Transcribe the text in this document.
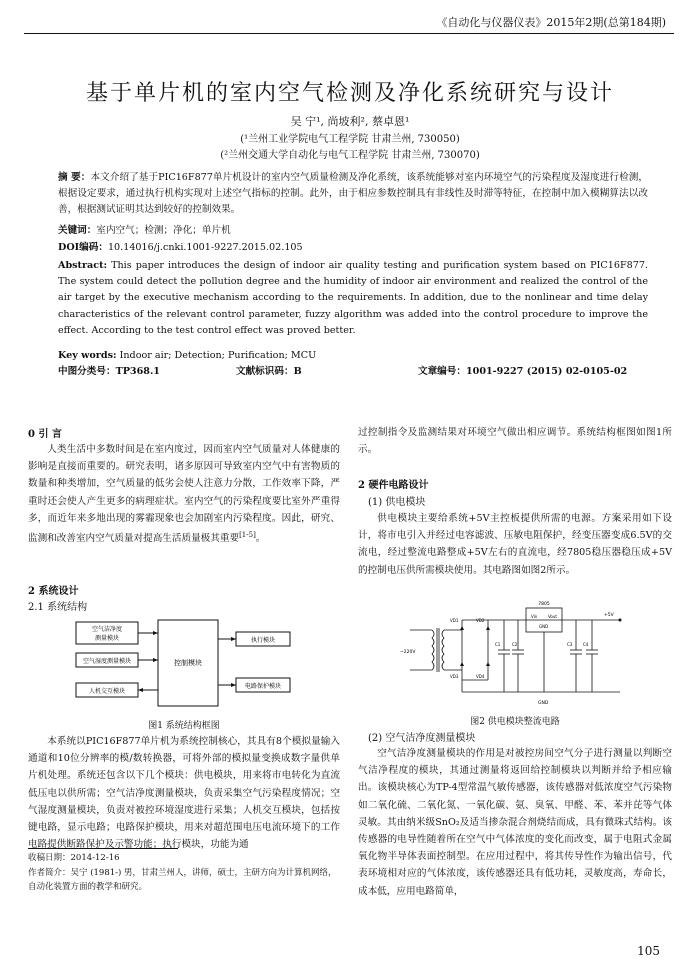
《自动化与仪器仪表》2015年2期(总第184期)
基于单片机的室内空气检测及净化系统研究与设计
吴 宁¹, 尚坡利², 蔡卓恩¹
(¹兰州工业学院电气工程学院 甘肃兰州, 730050)
(²兰州交通大学自动化与电气工程学院 甘肃兰州, 730070)
摘 要：本文介绍了基于PIC16F877单片机设计的室内空气质量检测及净化系统，该系统能够对室内环境空气的污染程度及湿度进行检测，根据设定要求，通过执行机构实现对上述空气指标的控制。此外，由于相应参数控制具有非线性及时滞等特征，在控制中加入模糊算法以改善，根据测试证明其达到较好的控制效果。
关键词：室内空气；检测；净化；单片机
DOI编码：10.14016/j.cnki.1001-9227.2015.02.105
Abstract: This paper introduces the design of indoor air quality testing and purification system based on PIC16F877. The system could detect the pollution degree and the humidity of indoor air environment and realized the control of the air target by the executive mechanism according to the requirements. In addition, due to the nonlinear and time delay characteristics of the relevant control parameter, fuzzy algorithm was added into the control procedure to improve the effect. According to the test control effect was proved better.
Key words: Indoor air; Detection; Purification; MCU
中图分类号：TP368.1	文献标识码：B	文章编号：1001-9227 (2015) 02-0105-02
0 引 言
人类生活中多数时间是在室内度过，因而室内空气质量对人体健康的影响是直接而重要的。研究表明，诸多原因可导致室内空气中有害物质的数量和种类增加，空气质量的低劣会使人注意力分散，工作效率下降，严重时还会使人产生更多的病理症状。室内空气的污染程度要比室外严重得多，而近年来多地出现的雾霾现象也会加剧室内污染程度。因此，研究、监测和改善室内空气质量对提高生活质量极其重要[1-5]。
2 系统设计
2.1 系统结构
空气洁净度
测量模块
空气湿度测量模块
人机交互模块
控制模块
执行模块
电路保护模块
图1 系统结构框图
本系统以PIC16F877单片机为系统控制核心，其具有8个模拟量输入通道和10位分辨率的模/数转换器，可将外部的模拟量变换成数字量供单片机处理。系统还包含以下几个模块：供电模块，用来将市电转化为直流低压电以供所需；空气洁净度测量模块，负责采集空气污染程度情况；空气湿度测量模块，负责对被控环境湿度进行采集；人机交互模块，包括按键电路，显示电路；电路保护模块，用来对超范围电压电流环境下的工作电路提供断路保护及示警功能；执行模块，功能为通
收稿日期：2014-12-16
作者简介：吴宁 (1981-) 男，甘肃兰州人，讲师，硕士，主研方向为计算机网络，自动化装置方面的教学和研究。
过控制指令及监测结果对环境空气做出相应调节。系统结构框图如图1所示。
2 硬件电路设计
(1) 供电模块
供电模块主要给系统+5V主控板提供所需的电源。方案采用如下设计，将市电引入并经过电容滤波、压敏电阻保护，经变压器变成6.5V的交流电，经过整流电路整成+5V左右的直流电，经7805稳压器稳压成+5V的控制电压供所需模块使用。其电路图如图2所示。
7805
Vin	Vout
GND
+5V
~220V
GND
VD1	VD2
VD3	VD4
C1	C2	C3	C4
图2 供电模块整流电路
(2) 空气洁净度测量模块
空气洁净度测量模块的作用是对被控房间空气分子进行测量以判断空气洁净程度的模块，其通过测量将返回给控制模块以判断并给予相应输出。该模块核心为TP-4型常温气敏传感器，该传感器对低浓度空气污染物如二氧化硫、二氧化氮、一氧化碳、氨、臭氧、甲醛、苯、苯并芘等气体灵敏。其由纳米级SnO₂及适当掺杂混合剂烧结而成，具有微珠式结构。该传感器的电导性随着所在空气中气体浓度的变化而改变，属于电阻式金属氧化物半导体表面控制型。在应用过程中，将其传导性作为输出信号，代表环境相对应的气体浓度，该传感器还具有低功耗，灵敏度高，寿命长，成本低，应用电路简单，
105
